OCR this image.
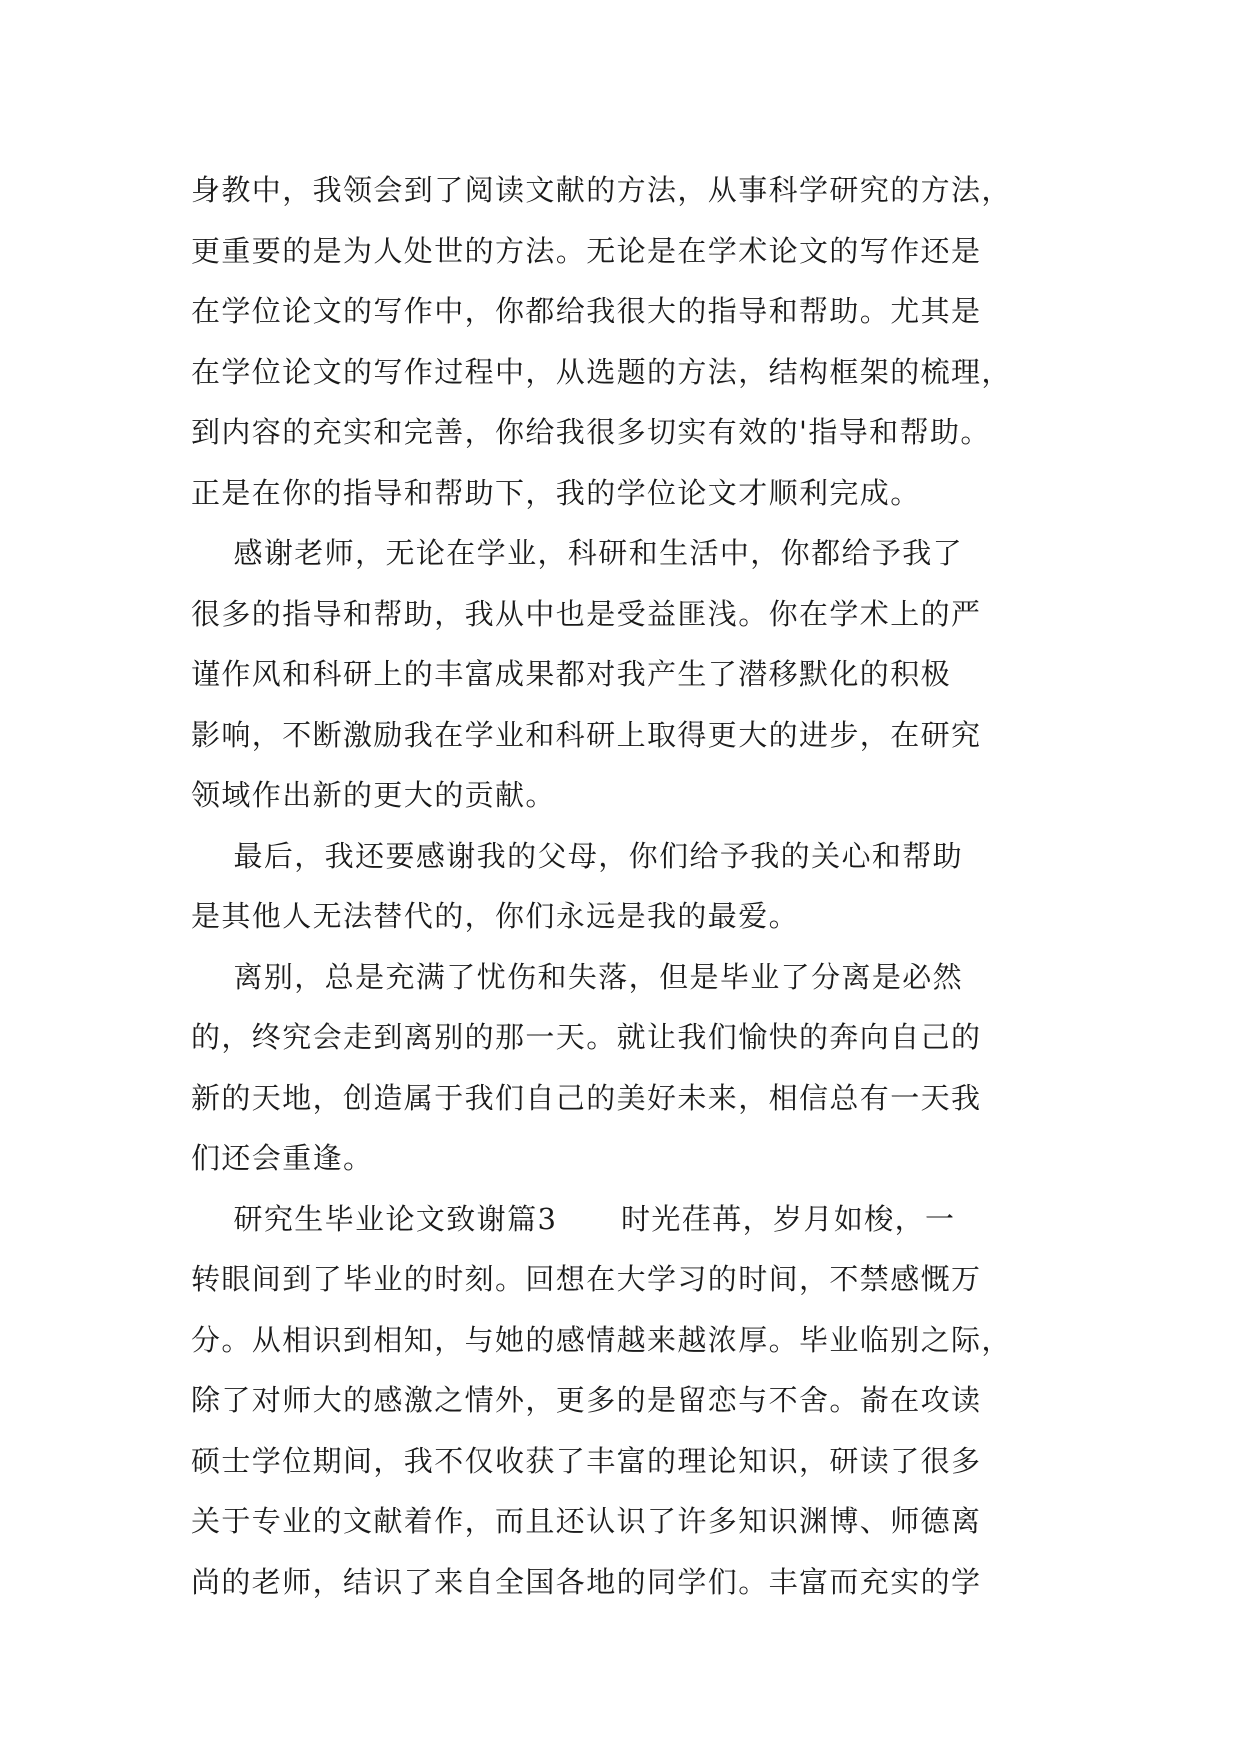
身教中，我领会到了阅读文献的方法，从事科学研究的方法，
更重要的是为人处世的方法。无论是在学术论文的写作还是
在学位论文的写作中，你都给我很大的指导和帮助。尤其是
在学位论文的写作过程中，从选题的方法，结构框架的梳理，
到内容的充实和完善，你给我很多切实有效的'指导和帮助。
正是在你的指导和帮助下，我的学位论文才顺利完成。
感谢老师，无论在学业，科研和生活中，你都给予我了
很多的指导和帮助，我从中也是受益匪浅。你在学术上的严
谨作风和科研上的丰富成果都对我产生了潜移默化的积极
影响，不断激励我在学业和科研上取得更大的进步，在研究
领域作出新的更大的贡献。
最后，我还要感谢我的父母，你们给予我的关心和帮助
是其他人无法替代的，你们永远是我的最爱。
离别，总是充满了忧伤和失落，但是毕业了分离是必然
的，终究会走到离别的那一天。就让我们愉快的奔向自己的
新的天地，创造属于我们自己的美好未来，相信总有一天我
们还会重逢。
研究生毕业论文致谢篇3      时光荏苒，岁月如梭，一
转眼间到了毕业的时刻。回想在大学习的时间，不禁感慨万
分。从相识到相知，与她的感情越来越浓厚。毕业临别之际，
除了对师大的感激之情外，更多的是留恋与不舍。嵛在攻读
硕士学位期间，我不仅收获了丰富的理论知识，研读了很多
关于专业的文献着作，而且还认识了许多知识渊博、师德离
尚的老师，结识了来自全国各地的同学们。丰富而充实的学
